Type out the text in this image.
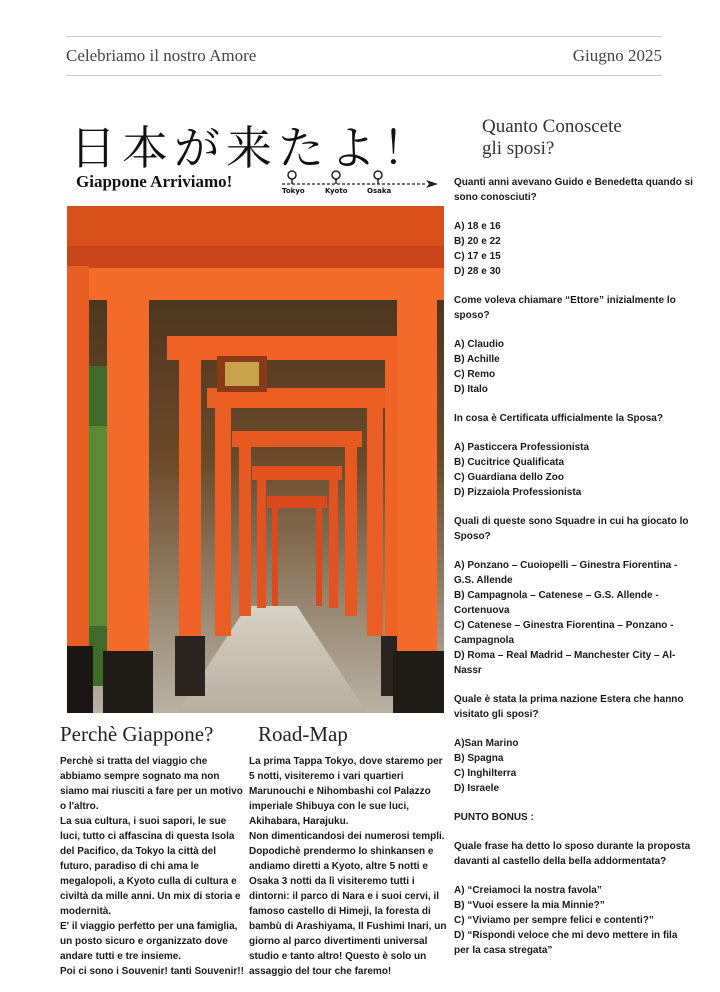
Celebriamo il nostro Amore	Giugno 2025
日本が来たよ！
Giappone Arriviamo!	Tokyo	Kyoto	Osaka
Quanto Conoscete
gli sposi?

Quanti anni avevano Guido e Benedetta quando si sono conosciuti?

A) 18 e 16

B) 20 e 22

C) 17 e 15

D) 28 e 30

Come voleva chiamare “Ettore” inizialmente lo sposo?

A) Claudio

B) Achille

C) Remo

D) Italo

In cosa è Certificata ufficialmente la Sposa?

A) Pasticcera Professionista

B) Cucitrice Qualificata

C) Guardiana dello Zoo

D) Pizzaiola Professionista

Quali di queste sono Squadre in cui ha giocato lo Sposo?

A) Ponzano – Cuoiopelli – Ginestra Fiorentina - G.S. Allende

B) Campagnola – Catenese – G.S. Allende - Cortenuova

C) Catenese – Ginestra Fiorentina – Ponzano - Campagnola

D) Roma – Real Madrid – Manchester City – Al-Nassr

Quale è stata la prima nazione Estera che hanno visitato gli sposi?

A)San Marino

B) Spagna

C) Inghilterra

D) Israele

PUNTO BONUS :

Quale frase ha detto lo sposo durante la proposta davanti al castello della bella addormentata?

A) “Creiamoci la nostra favola”

B) “Vuoi essere la mia Minnie?”

C) “Viviamo per sempre felici e contenti?”

D) “Rispondi veloce che mi devo mettere in fila per la casa stregata”

Perchè Giappone? Road-Map

Perchè si tratta del viaggio che abbiamo sempre sognato ma non siamo mai riusciti a fare per un motivo o l'altro.

La sua cultura, i suoi sapori, le sue luci, tutto ci affascina di questa Isola del Pacifico, da Tokyo la città del futuro, paradiso di chi ama le megalopoli, a Kyoto culla di cultura e civiltà da mille anni. Un mix di storia e modernità.

E' il viaggio perfetto per una famiglia, un posto sicuro e organizzato dove andare tutti e tre insieme.

Poi ci sono i Souvenir! tanti Souvenir!!

La prima Tappa Tokyo, dove staremo per 5 notti, visiteremo i vari quartieri Marunouchi e Nihombashi col Palazzo imperiale Shibuya con le sue luci, Akihabara, Harajuku.

Non dimenticandosi dei numerosi templi. Dopodichè prendermo lo shinkansen e andiamo diretti a Kyoto, altre 5 notti e Osaka 3 notti da lì visiteremo tutti i dintorni: il parco di Nara e i suoi cervi, il famoso castello di Himeji, la foresta di bambù di Arashiyama, Il Fushimi Inari, un giorno al parco divertimenti universal studio e tanto altro! Questo è solo un assaggio del tour che faremo!
